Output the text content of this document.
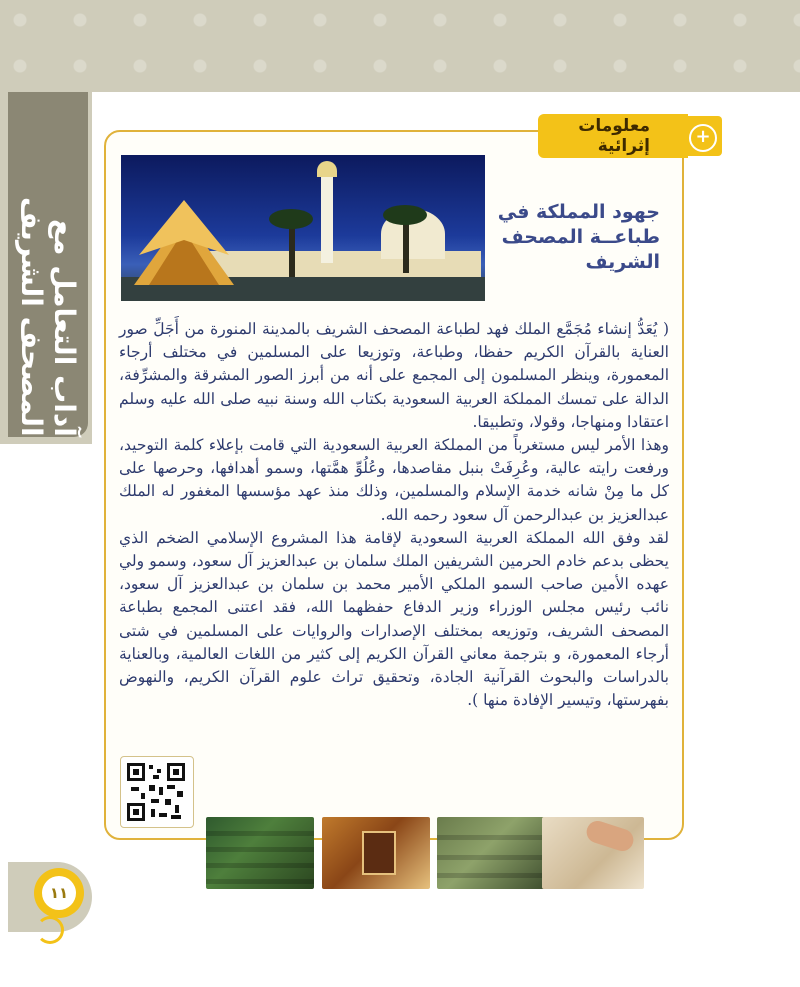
آداب التعامل مع المصحف الشريف
معلومات إثرائية	+
جهود المملكة في
طباعــة المصحف
الشريف

( يُعَدُّ إنشاء مُجَمَّع الملك فهد لطباعة المصحف الشريف بالمدينة المنورة من أَجَلِّ صور العناية بالقرآن الكريم حفظا، وطباعة، وتوزيعا على المسلمين في مختلف أرجاء المعمورة، وينظر المسلمون إلى المجمع على أنه من أبرز الصور المشرقة والمشرِّفة، الدالة على تمسك المملكة العربية السعودية بكتاب الله وسنة نبيه صلى الله عليه وسلم اعتقادا ومنهاجا، وقولا، وتطبيقا.

وهذا الأمر ليس مستغرباً من المملكة العربية السعودية التي قامت بإعلاء كلمة التوحيد، ورفعت رايته عالية، وعُرِفَتْ بنبل مقاصدها، وعُلُوِّ همَّتها، وسمو أهدافها، وحرصها على كل ما مِنْ شانه خدمة الإسلام والمسلمين، وذلك منذ عهد مؤسسها المغفور له الملك عبدالعزيز بن عبدالرحمن آل سعود رحمه الله.

لقد وفق الله المملكة العربية السعودية لإقامة هذا المشروع الإسلامي الضخم الذي يحظى بدعم خادم الحرمين الشريفين الملك سلمان بن عبدالعزيز آل سعود، وسمو ولي عهده الأمين صاحب السمو الملكي الأمير محمد بن سلمان بن عبدالعزيز آل سعود، نائب رئيس مجلس الوزراء وزير الدفاع حفظهما الله، فقد اعتنى المجمع بطباعة المصحف الشريف، وتوزيعه بمختلف الإصدارات والروايات على المسلمين في شتى أرجاء المعمورة، و بترجمة معاني القرآن الكريم إلى كثير من اللغات العالمية، وبالعناية بالدراسات والبحوث القرآنية الجادة، وتحقيق تراث علوم القرآن الكريم، والنهوض بفهرستها، وتيسير الإفادة منها ).

١١
